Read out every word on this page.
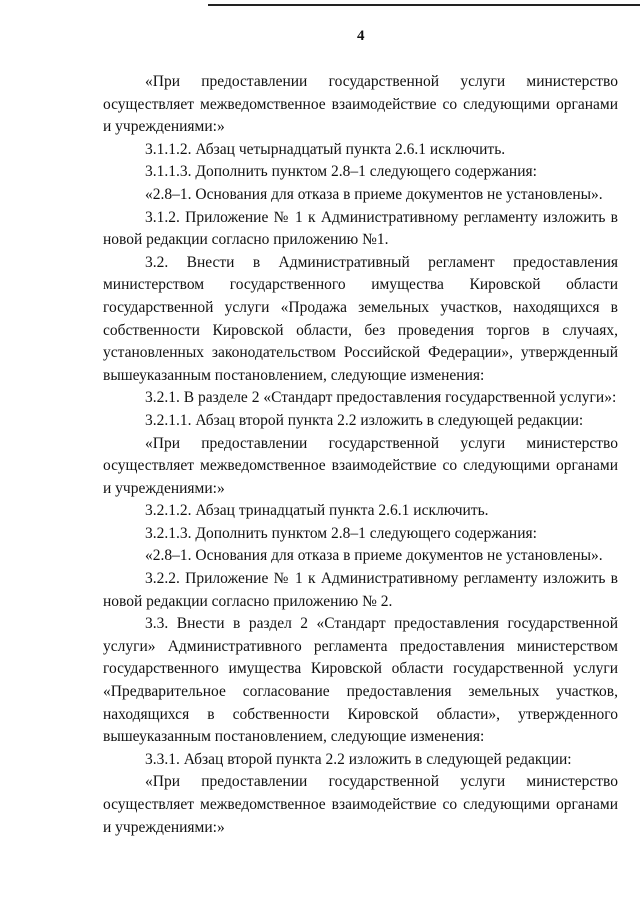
4

«При предоставлении государственной услуги министерство осуществляет межведомственное взаимодействие со следующими органами и учреждениями:»

3.1.1.2. Абзац четырнадцатый пункта 2.6.1 исключить.

3.1.1.3. Дополнить пунктом 2.8–1 следующего содержания:

«2.8–1. Основания для отказа в приеме документов не установлены».

3.1.2. Приложение № 1 к Административному регламенту изложить в новой редакции согласно приложению №1.

3.2. Внести в Административный регламент предоставления министерством государственного имущества Кировской области государственной услуги «Продажа земельных участков, находящихся в собственности Кировской области, без проведения торгов в случаях, установленных законодательством Российской Федерации», утвержденный вышеуказанным постановлением, следующие изменения:

3.2.1. В разделе 2 «Стандарт предоставления государственной услуги»:

3.2.1.1. Абзац второй пункта 2.2 изложить в следующей редакции:

«При предоставлении государственной услуги министерство осуществляет межведомственное взаимодействие со следующими органами и учреждениями:»

3.2.1.2. Абзац тринадцатый пункта 2.6.1 исключить.

3.2.1.3. Дополнить пунктом 2.8–1 следующего содержания:

«2.8–1. Основания для отказа в приеме документов не установлены».

3.2.2. Приложение № 1 к Административному регламенту изложить в новой редакции согласно приложению № 2.

3.3. Внести в раздел 2 «Стандарт предоставления государственной услуги» Административного регламента предоставления министерством государственного имущества Кировской области государственной услуги «Предварительное согласование предоставления земельных участков, находящихся в собственности Кировской области», утвержденного вышеуказанным постановлением, следующие изменения:

3.3.1. Абзац второй пункта 2.2 изложить в следующей редакции:

«При предоставлении государственной услуги министерство осуществляет межведомственное взаимодействие со следующими органами и учреждениями:»
